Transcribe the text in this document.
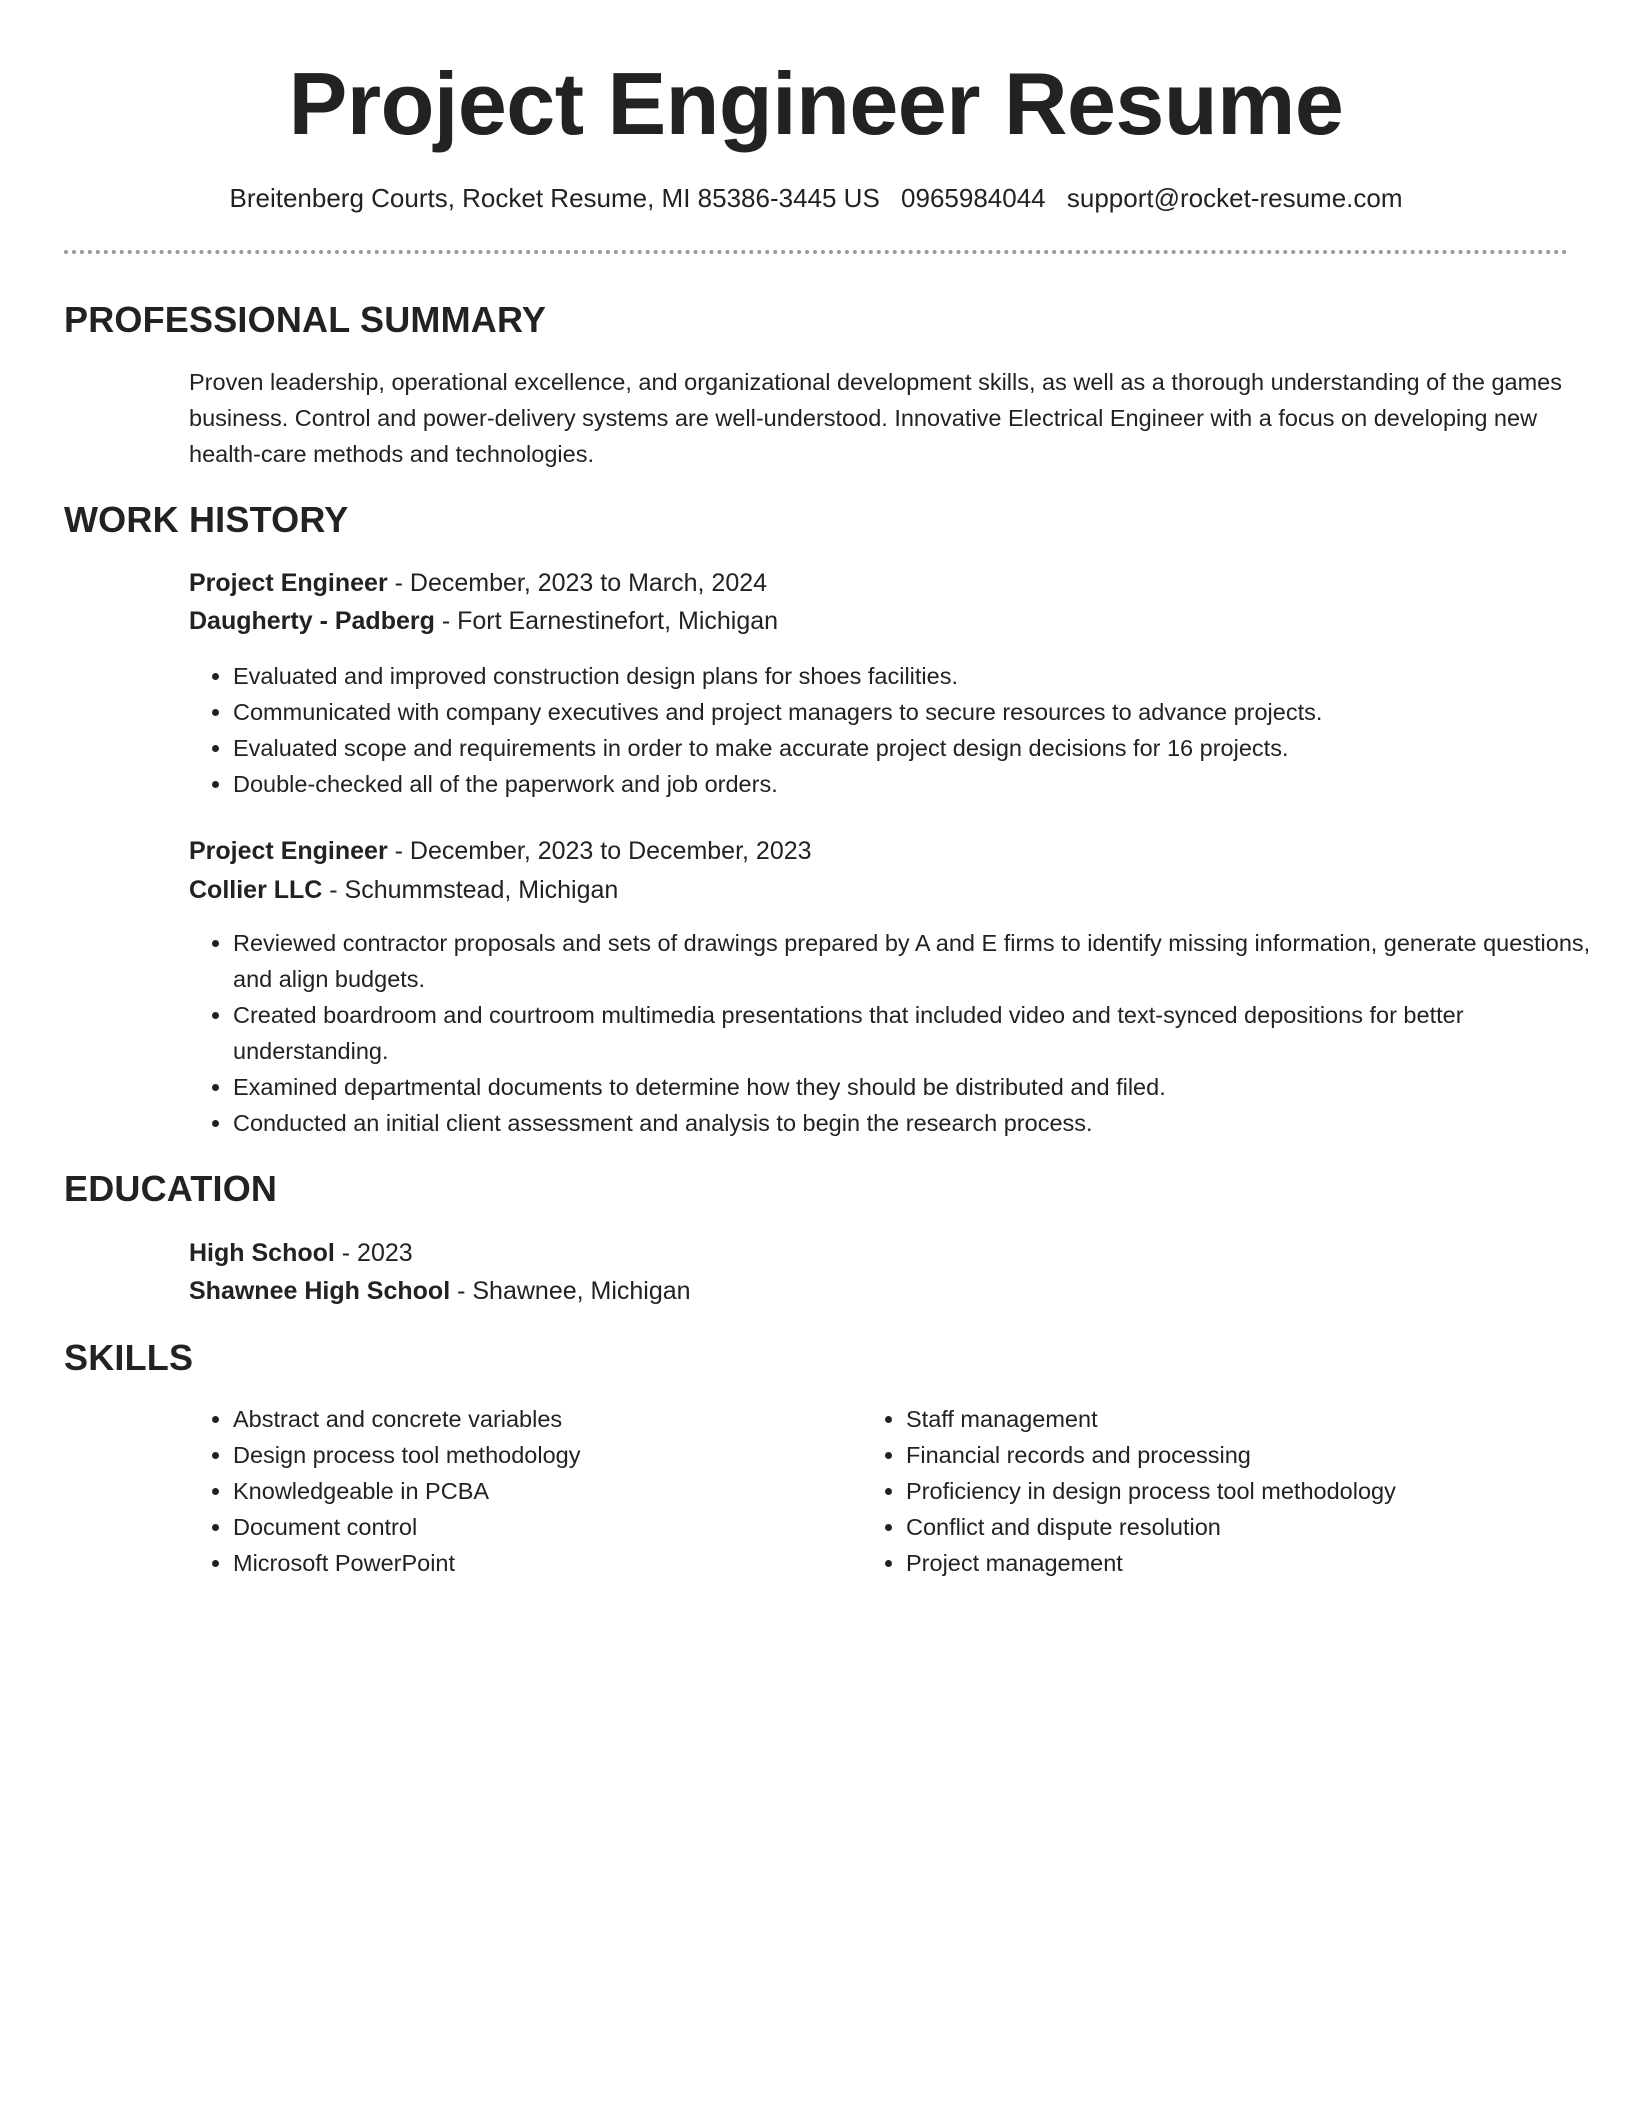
Project Engineer Resume
Breitenberg Courts, Rocket Resume, MI 85386-3445 US 0965984044 support@rocket-resume.com
PROFESSIONAL SUMMARY
Proven leadership, operational excellence, and organizational development skills, as well as a thorough understanding of the games business. Control and power-delivery systems are well-understood. Innovative Electrical Engineer with a focus on developing new health-care methods and technologies.
WORK HISTORY
Project Engineer - December, 2023 to March, 2024
Daugherty - Padberg - Fort Earnestinefort, Michigan
• Evaluated and improved construction design plans for shoes facilities.
• Communicated with company executives and project managers to secure resources to advance projects.
• Evaluated scope and requirements in order to make accurate project design decisions for 16 projects.
• Double-checked all of the paperwork and job orders.
Project Engineer - December, 2023 to December, 2023
Collier LLC - Schummstead, Michigan
• Reviewed contractor proposals and sets of drawings prepared by A and E firms to identify missing information, generate questions, and align budgets.
• Created boardroom and courtroom multimedia presentations that included video and text-synced depositions for better understanding.
• Examined departmental documents to determine how they should be distributed and filed.
• Conducted an initial client assessment and analysis to begin the research process.
EDUCATION
High School - 2023
Shawnee High School - Shawnee, Michigan
SKILLS
• Abstract and concrete variables
• Design process tool methodology
• Knowledgeable in PCBA
• Document control
• Microsoft PowerPoint
• Staff management
• Financial records and processing
• Proficiency in design process tool methodology
• Conflict and dispute resolution
• Project management
